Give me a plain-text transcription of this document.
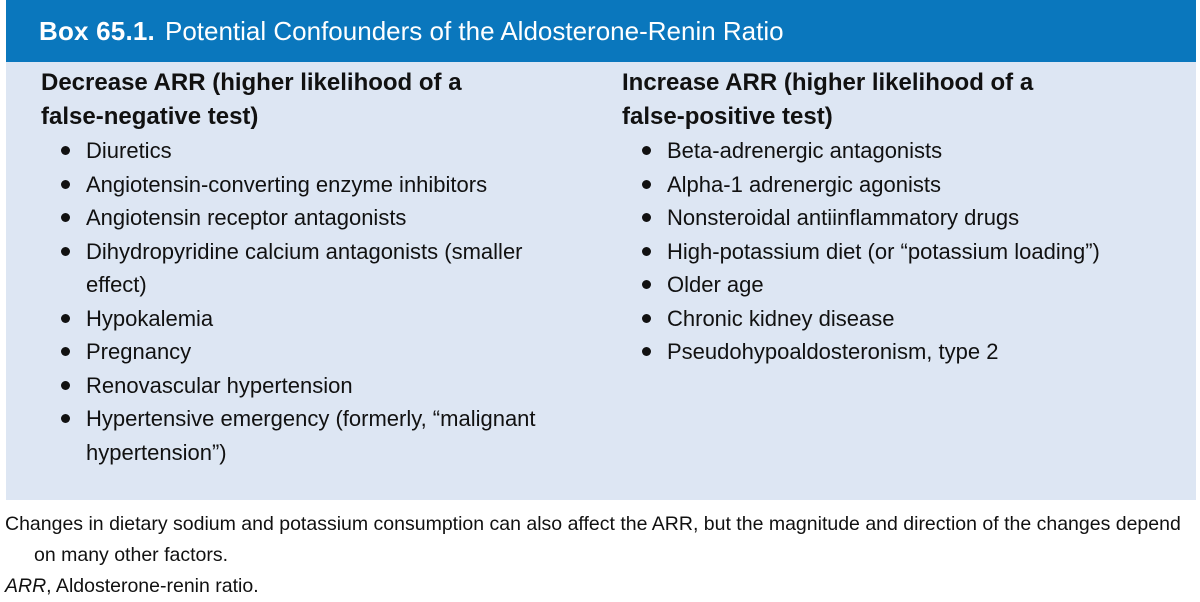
Box 65.1. Potential Confounders of the Aldosterone-Renin Ratio
Decrease ARR (higher likelihood of a
false-negative test)
Diuretics
Angiotensin-converting enzyme inhibitors
Angiotensin receptor antagonists
Dihydropyridine calcium antagonists (smaller effect)
Hypokalemia
Pregnancy
Renovascular hypertension
Hypertensive emergency (formerly, “malignant hypertension”)
Increase ARR (higher likelihood of a
false-positive test)
Beta-adrenergic antagonists
Alpha-1 adrenergic agonists
Nonsteroidal antiinflammatory drugs
High-potassium diet (or “potassium loading”)
Older age
Chronic kidney disease
Pseudohypoaldosteronism, type 2
Changes in dietary sodium and potassium consumption can also affect the ARR, but the magnitude and direction of the changes depend on many other factors.
ARR, Aldosterone-renin ratio.
